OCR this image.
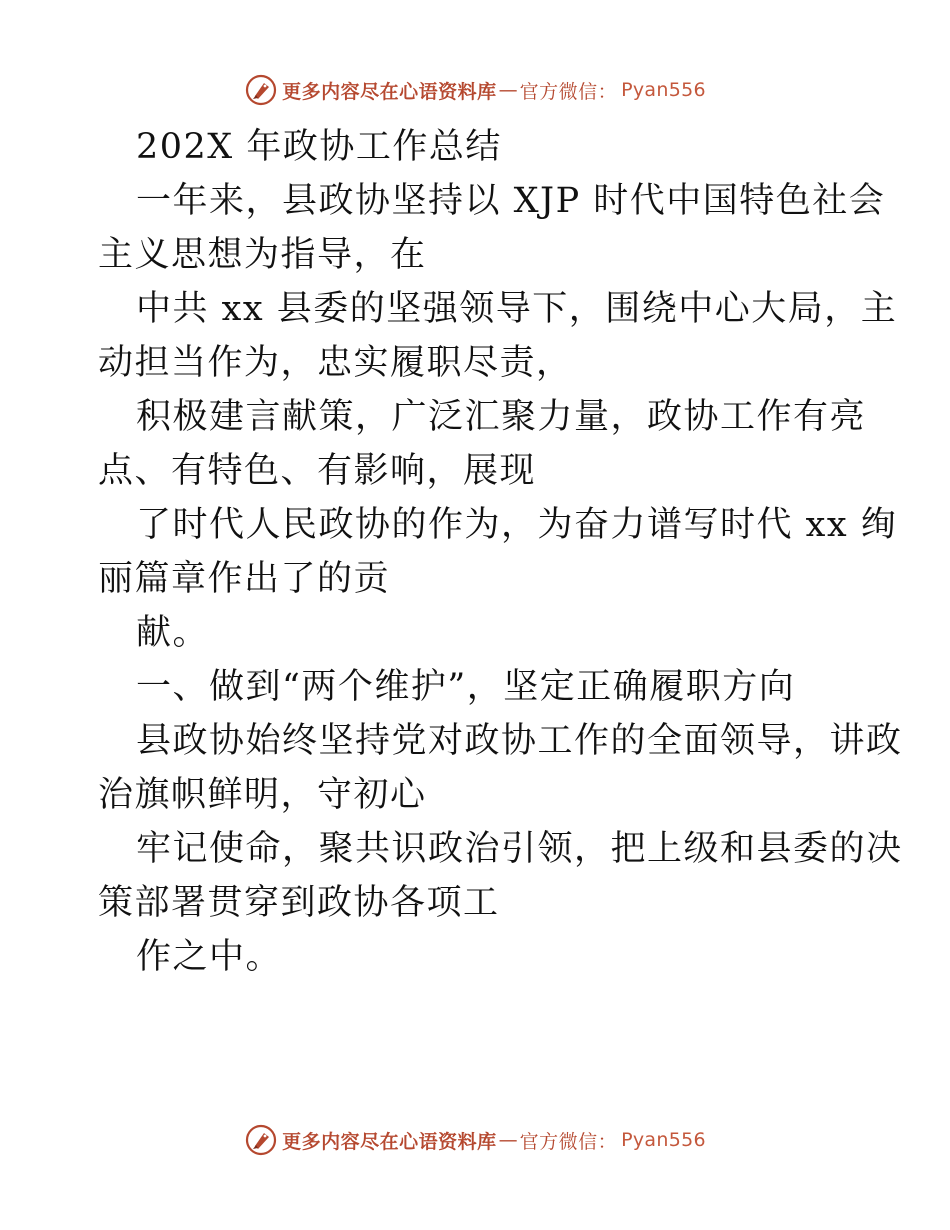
更多内容尽在心语资料库 — 官方微信： Pyan556
202X 年政协工作总结
一年来，县政协坚持以 XJP 时代中国特色社会
主义思想为指导，在
中共 xx 县委的坚强领导下，围绕中心大局，主
动担当作为，忠实履职尽责，
积极建言献策，广泛汇聚力量，政协工作有亮
点、有特色、有影响，展现
了时代人民政协的作为，为奋力谱写时代 xx 绚
丽篇章作出了的贡
献。
一、做到“两个维护”，坚定正确履职方向
县政协始终坚持党对政协工作的全面领导，讲政
治旗帜鲜明，守初心
牢记使命，聚共识政治引领，把上级和县委的决
策部署贯穿到政协各项工
作之中。
更多内容尽在心语资料库 — 官方微信： Pyan556
